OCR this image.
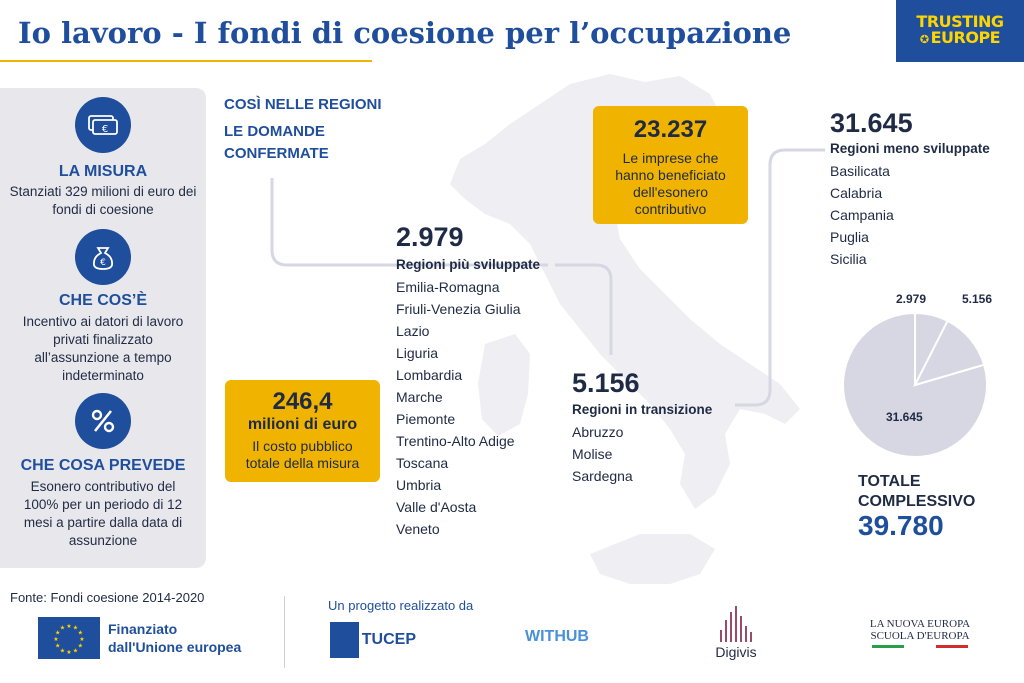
Io lavoro - I fondi di coesione per l’occupazione	TRUSTING
✪ EUROPE
€
LA MISURA
Stanziati 329 milioni di euro dei fondi di coesione
€
CHE COS’È
Incentivo ai datori di lavoro privati finalizzato all’assunzione a tempo indeterminato
CHE COSA PREVEDE
Esonero contributivo del 100% per un periodo di 12 mesi a partire dalla data di assunzione
COSÌ NELLE REGIONI
LE DOMANDE
CONFERMATE
2.979
Regioni più sviluppate
Emilia-Romagna
Friuli-Venezia Giulia
Lazio
Liguria
Lombardia
Marche
Piemonte
Trentino-Alto Adige
Toscana
Umbria
Valle d'Aosta
Veneto
5.156
Regioni in transizione
Abruzzo
Molise
Sardegna
31.645
Regioni meno sviluppate
Basilicata
Calabria
Campania
Puglia
Sicilia
23.237
Le imprese che hanno beneficiato dell'esonero contributivo
246,4
milioni di euro
Il costo pubblico totale della misura
2.979	5.156
31.645
TOTALE
COMPLESSIVO
39.780
Fonte: Fondi coesione 2014-2020
★
★
★
★
★
★
★
★
★ ★ ★
★ Finanziato
dall'Unione europea
Un progetto realizzato da
TUCEP	WITHUB
Digivis
LA NUOVA EUROPA
SCUOLA D'EUROPA
